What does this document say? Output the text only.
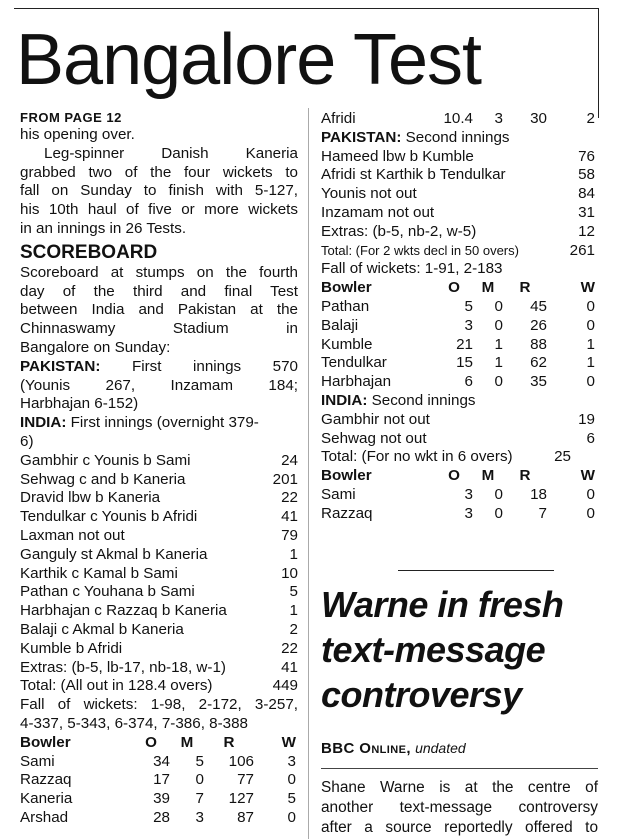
Bangalore Test
FROM PAGE 12
his opening over.
Leg-spinner Danish Kaneria
grabbed two of the four wickets to
fall on Sunday to finish with 5-127,
his 10th haul of five or more wickets
in an innings in 26 Tests.
SCOREBOARD
Scoreboard at stumps on the fourth
day of the third and final Test
between India and Pakistan at the
Chinnaswamy Stadium in
Bangalore on Sunday:
PAKISTAN: First innings 570
(Younis 267, Inzamam 184;
Harbhajan 6-152)
INDIA: First innings (overnight 379-
6)
Gambhir c Younis b Sami	24
Sehwag c and b Kaneria	201
Dravid lbw b Kaneria	22
Tendulkar c Younis b Afridi	41
Laxman not out	79
Ganguly st Akmal b Kaneria	1
Karthik c Kamal b Sami	10
Pathan c Youhana b Sami	5
Harbhajan c Razzaq b Kaneria	1
Balaji c Akmal b Kaneria	2
Kumble b Afridi	22
Extras: (b-5, lb-17, nb-18, w-1)	41
Total: (All out in 128.4 overs)	449
Fall of wickets: 1-98, 2-172, 3-257,
4-337, 5-343, 6-374, 7-386, 8-388
Bowler	O	M	R	W
Sami	34	5	106	3
Razzaq	17	0	77	0
Kaneria	39	7	127	5
Arshad	28	3	87	0
Afridi	10.4	3	30	2
PAKISTAN: Second innings
Hameed lbw b Kumble	76
Afridi st Karthik b Tendulkar	58
Younis not out	84
Inzamam not out	31
Extras: (b-5, nb-2, w-5)	12
Total: (For 2 wkts decl in 50 overs)	261
Fall of wickets: 1-91, 2-183
Bowler	O	M	R	W
Pathan	5	0	45	0
Balaji	3	0	26	0
Kumble	21	1	88	1
Tendulkar	15	1	62	1
Harbhajan	6	0	35	0
INDIA: Second innings
Gambhir not out	19
Sehwag not out	6
Total: (For no wkt in 6 overs)	25
Bowler	O	M	R	W
Sami	3	0	18	0
Razzaq	3	0	7	0
Warne in fresh
text-message
controversy
BBC Online, undated
Shane Warne is at the centre of
another text-message controversy
after a source reportedly offered to
